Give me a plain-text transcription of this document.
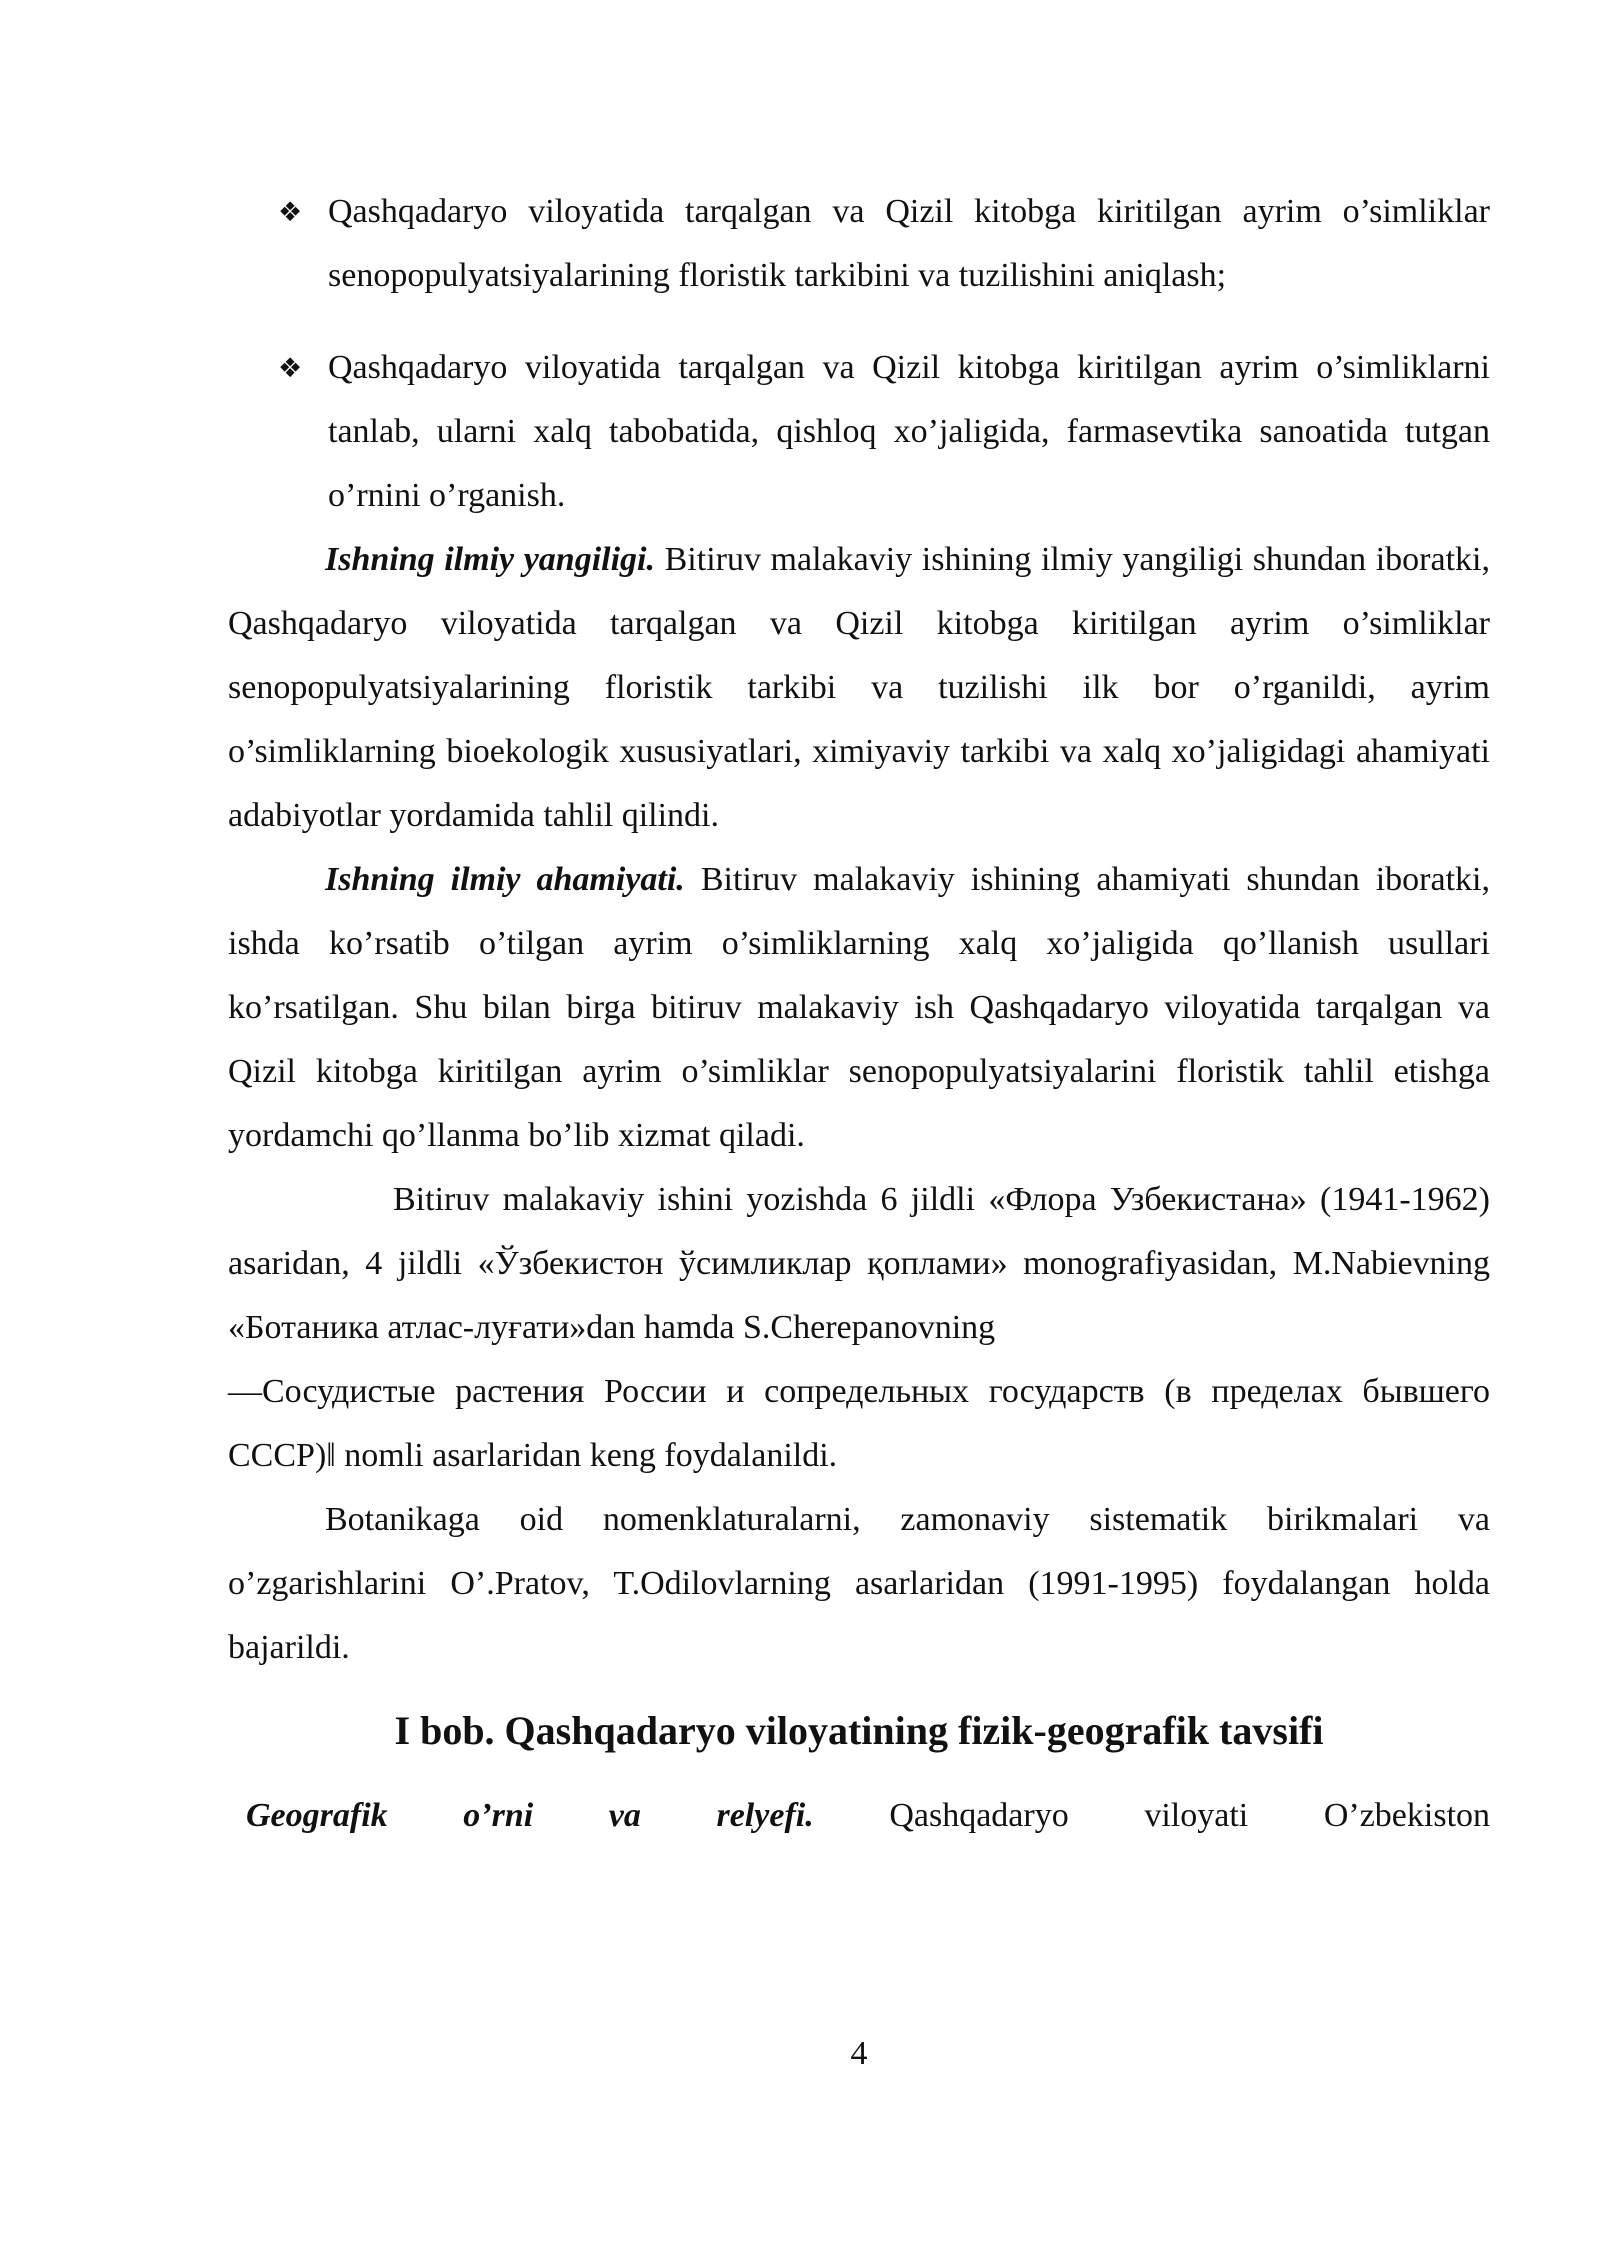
❖ Qashqadaryo viloyatida tarqalgan va Qizil kitobga kiritilgan ayrim o’simliklar senopopulyatsiyalarining floristik tarkibini va tuzilishini aniqlash;
❖ Qashqadaryo viloyatida tarqalgan va Qizil kitobga kiritilgan ayrim o’simliklarni tanlab, ularni xalq tabobatida, qishloq xo’jaligida, farmasevtika sanoatida tutgan o’rnini o’rganish.

Ishning ilmiy yangiligi. Bitiruv malakaviy ishining ilmiy yangiligi shundan iboratki, Qashqadaryo viloyatida tarqalgan va Qizil kitobga kiritilgan ayrim o’simliklar senopopulyatsiyalarining floristik tarkibi va tuzilishi ilk bor o’rganildi, ayrim o’simliklarning bioekologik xususiyatlari, ximiyaviy tarkibi va xalq xo’jaligidagi ahamiyati adabiyotlar yordamida tahlil qilindi.

Ishning ilmiy ahamiyati. Bitiruv malakaviy ishining ahamiyati shundan iboratki, ishda ko’rsatib o’tilgan ayrim o’simliklarning xalq xo’jaligida qo’llanish usullari ko’rsatilgan. Shu bilan birga bitiruv malakaviy ish Qashqadaryo viloyatida tarqalgan va Qizil kitobga kiritilgan ayrim o’simliklar senopopulyatsiyalarini floristik tahlil etishga yordamchi qo’llanma bo’lib xizmat qiladi.

Bitiruv malakaviy ishini yozishda 6 jildli «Флора Узбекистана» (1941-1962) asaridan, 4 jildli «Ўзбекистон ўсимликлар қоплами» monografiyasidan, M.Nabievning «Ботаника атлас-луғати»dan hamda S.Cherepanovning

—Сосудистые растения России и сопредельных государств (в пределах бывшего СССР)‖ nomli asarlaridan keng foydalanildi.

Botanikaga oid nomenklaturalarni, zamonaviy sistematik birikmalari va o’zgarishlarini O’.Pratov, T.Odilovlarning asarlaridan (1991-1995) foydalangan holda bajarildi.

I bob. Qashqadaryo viloyatining fizik-geografik tavsifi

Geografik o’rni va relyefi. Qashqadaryo viloyati O’zbekiston

4
